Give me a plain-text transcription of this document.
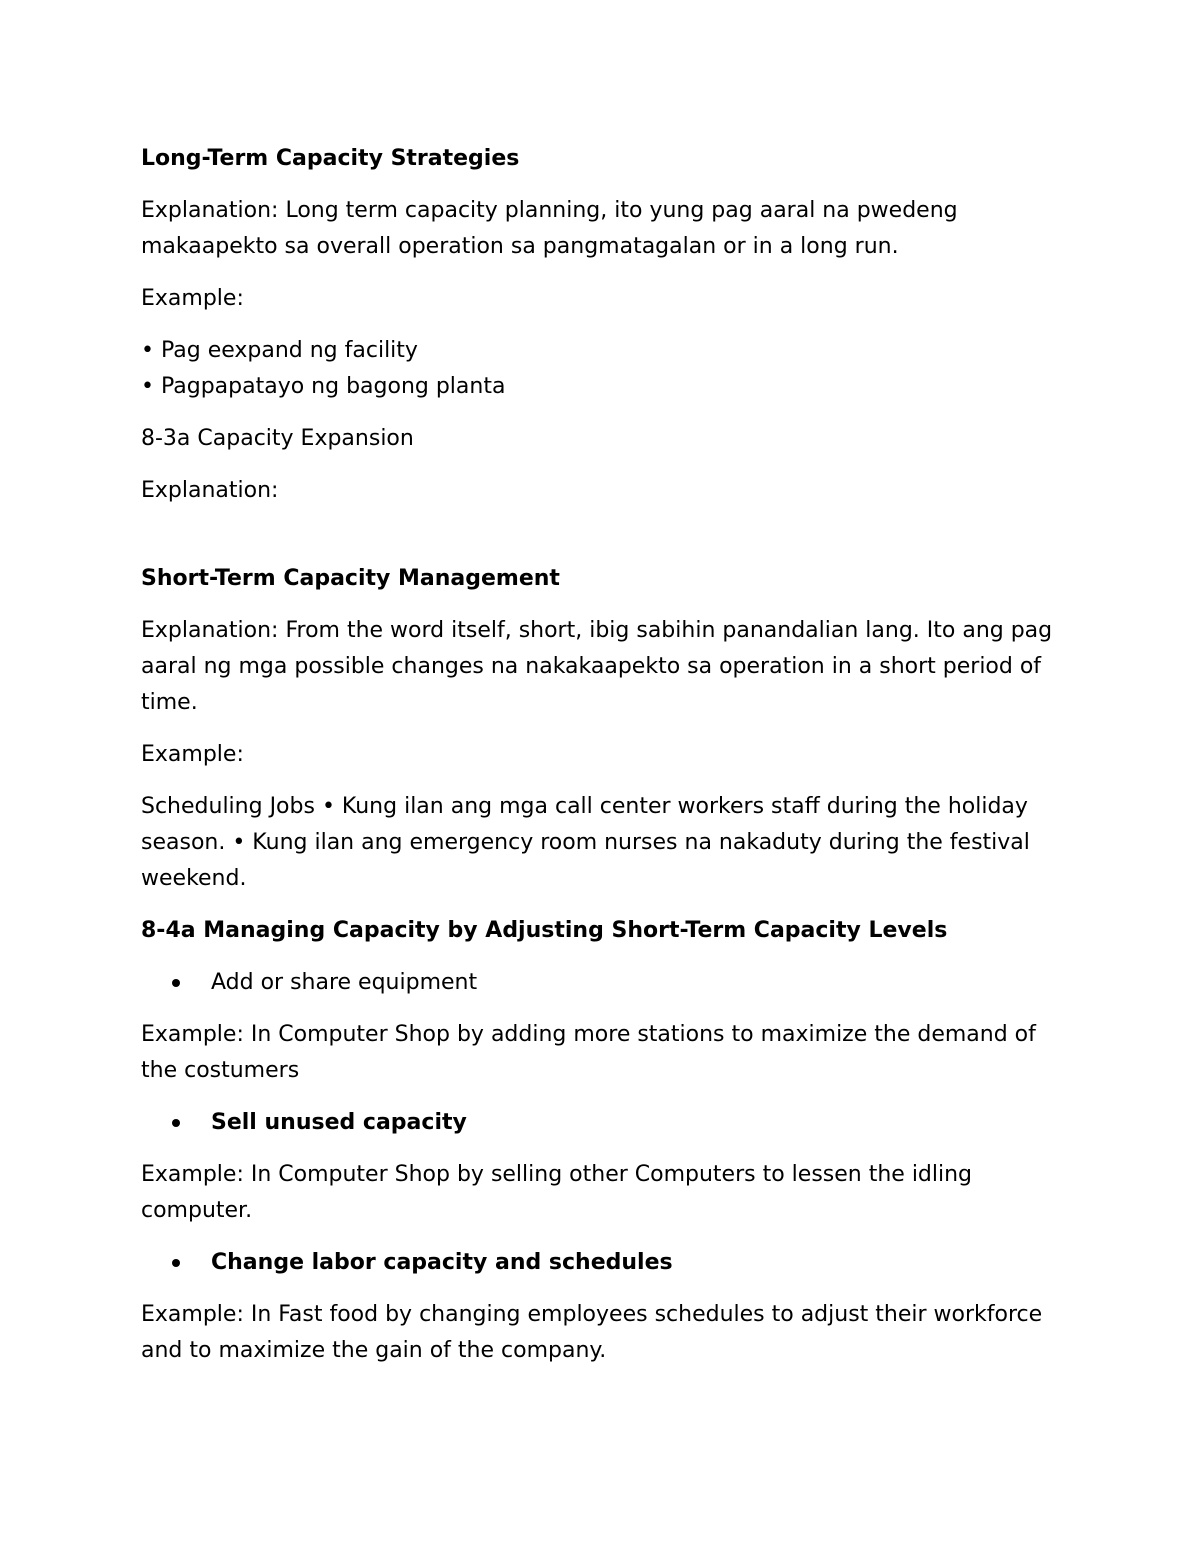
Long-Term Capacity Strategies

Explanation: Long term capacity planning, ito yung pag aaral na pwedeng
makaapekto sa overall operation sa pangmatagalan or in a long run.

Example:

• Pag eexpand ng facility
• Pagpapatayo ng bagong planta

8-3a Capacity Expansion

Explanation:

Short-Term Capacity Management

Explanation: From the word itself, short, ibig sabihin panandalian lang. Ito ang pag
aaral ng mga possible changes na nakakaapekto sa operation in a short period of
time.

Example:

Scheduling Jobs • Kung ilan ang mga call center workers staff during the holiday
season. • Kung ilan ang emergency room nurses na nakaduty during the festival
weekend.

8-4a Managing Capacity by Adjusting Short-Term Capacity Levels

Add or share equipment
Example: In Computer Shop by adding more stations to maximize the demand of
the costumers
Sell unused capacity
Example: In Computer Shop by selling other Computers to lessen the idling
computer.
Change labor capacity and schedules
Example: In Fast food by changing employees schedules to adjust their workforce
and to maximize the gain of the company.
